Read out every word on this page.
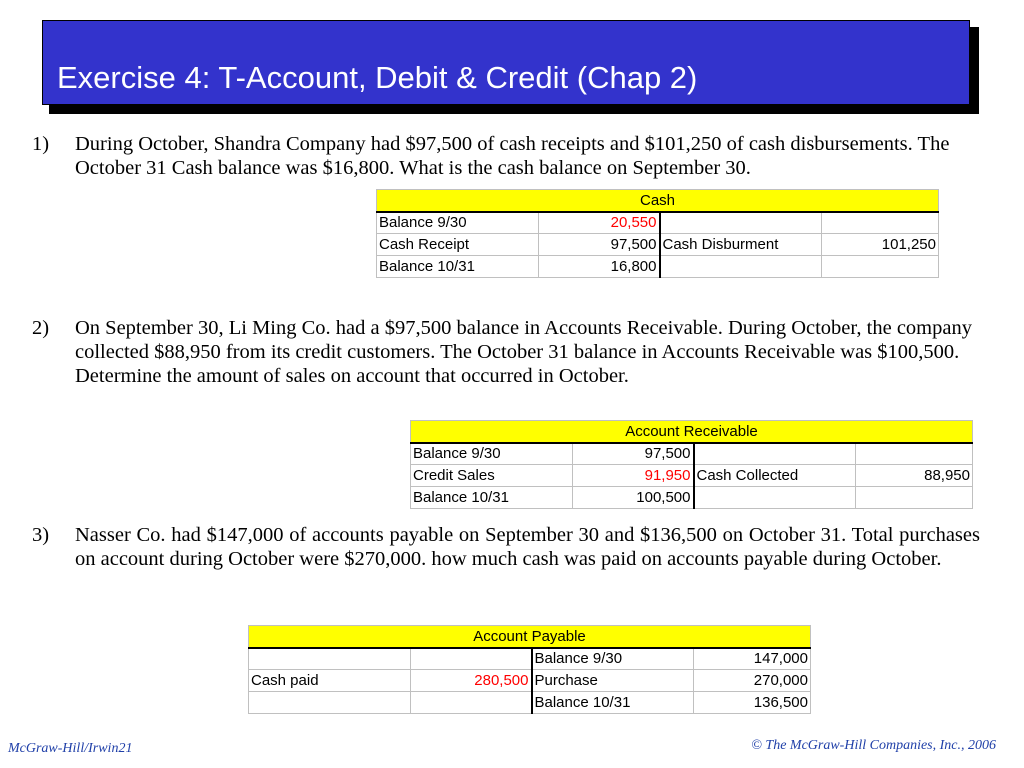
Exercise 4: T-Account, Debit & Credit (Chap 2)
1) During October, Shandra Company had $97,500 of cash receipts and $101,250 of cash disbursements. The October 31 Cash balance was $16,800. What is the cash balance on September 30.
Cash			
Balance 9/30	20,550		
Cash Receipt	97,500	Cash Disburment	101,250
Balance 10/31	16,800		
2) On September 30, Li Ming Co. had a $97,500 balance in Accounts Receivable. During October, the company collected $88,950 from its credit customers. The October 31 balance in Accounts Receivable was $100,500. Determine the amount of sales on account that occurred in October.
Account Receivable			
Balance 9/30	97,500		
Credit Sales	91,950	Cash Collected	88,950
Balance 10/31	100,500		
3) Nasser Co. had $147,000 of accounts payable on September 30 and $136,500 on October 31. Total purchases on account during October were $270,000. how much cash was paid on accounts payable during October.
Account Payable			
		Balance 9/30	147,000
Cash paid	280,500	Purchase	270,000
		Balance 10/31	136,500
McGraw-Hill/Irwin21	© The McGraw-Hill Companies, Inc., 2006
